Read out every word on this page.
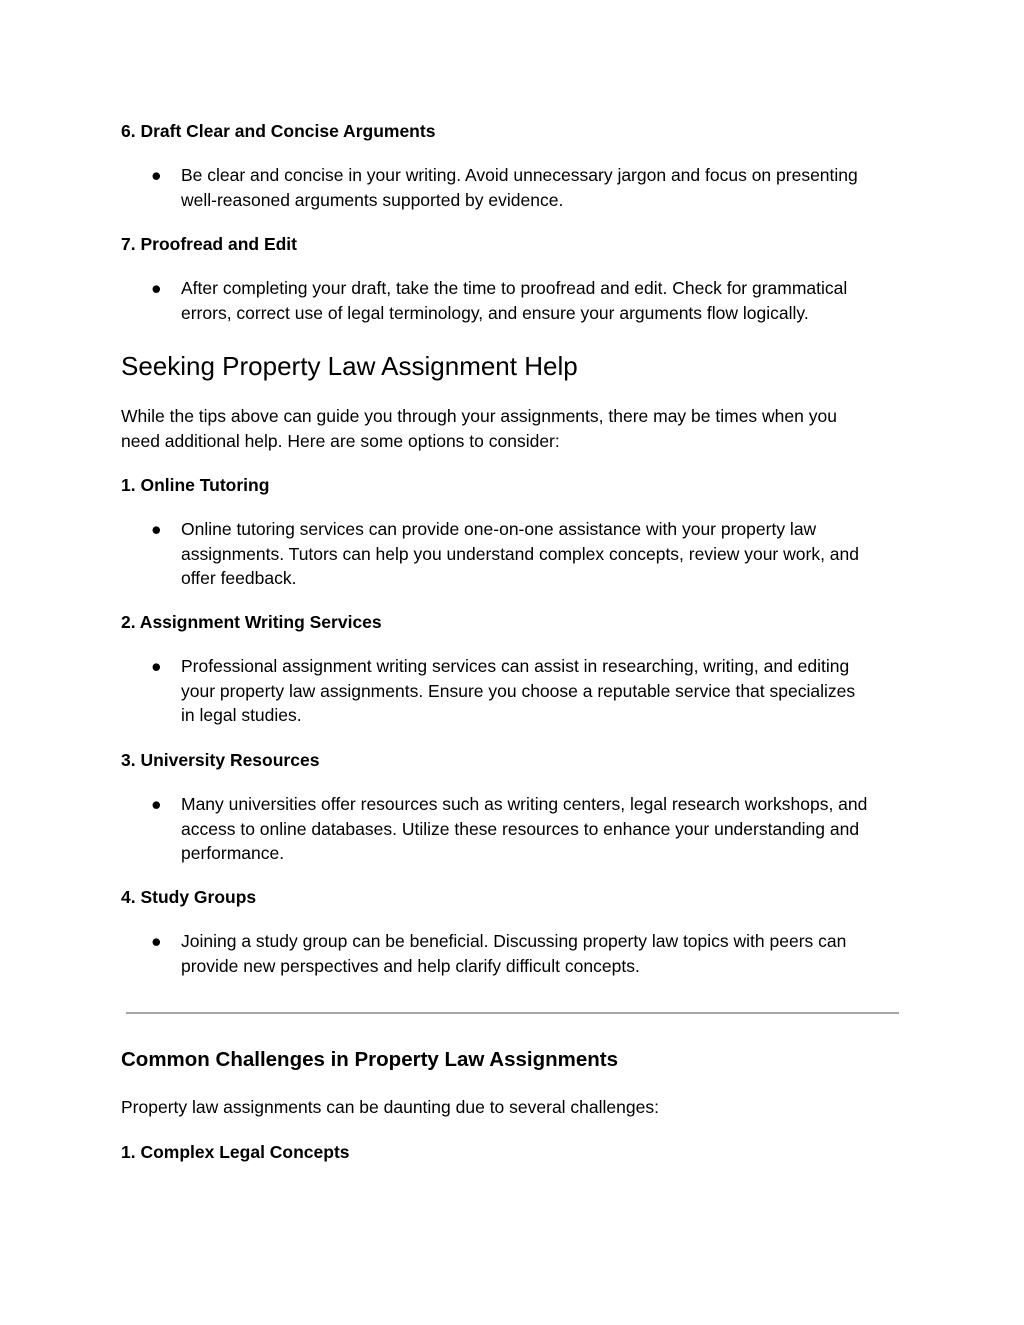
6. Draft Clear and Concise Arguments

● Be clear and concise in your writing. Avoid unnecessary jargon and focus on presenting
well-reasoned arguments supported by evidence.

7. Proofread and Edit

● After completing your draft, take the time to proofread and edit. Check for grammatical
errors, correct use of legal terminology, and ensure your arguments flow logically.
Seeking Property Law Assignment Help
While the tips above can guide you through your assignments, there may be times when you
need additional help. Here are some options to consider:

1. Online Tutoring

● Online tutoring services can provide one-on-one assistance with your property law
assignments. Tutors can help you understand complex concepts, review your work, and
offer feedback.

2. Assignment Writing Services

● Professional assignment writing services can assist in researching, writing, and editing
your property law assignments. Ensure you choose a reputable service that specializes
in legal studies.

3. University Resources

● Many universities offer resources such as writing centers, legal research workshops, and
access to online databases. Utilize these resources to enhance your understanding and
performance.

4. Study Groups

● Joining a study group can be beneficial. Discussing property law topics with peers can
provide new perspectives and help clarify difficult concepts.
Common Challenges in Property Law Assignments

Property law assignments can be daunting due to several challenges:

1. Complex Legal Concepts
